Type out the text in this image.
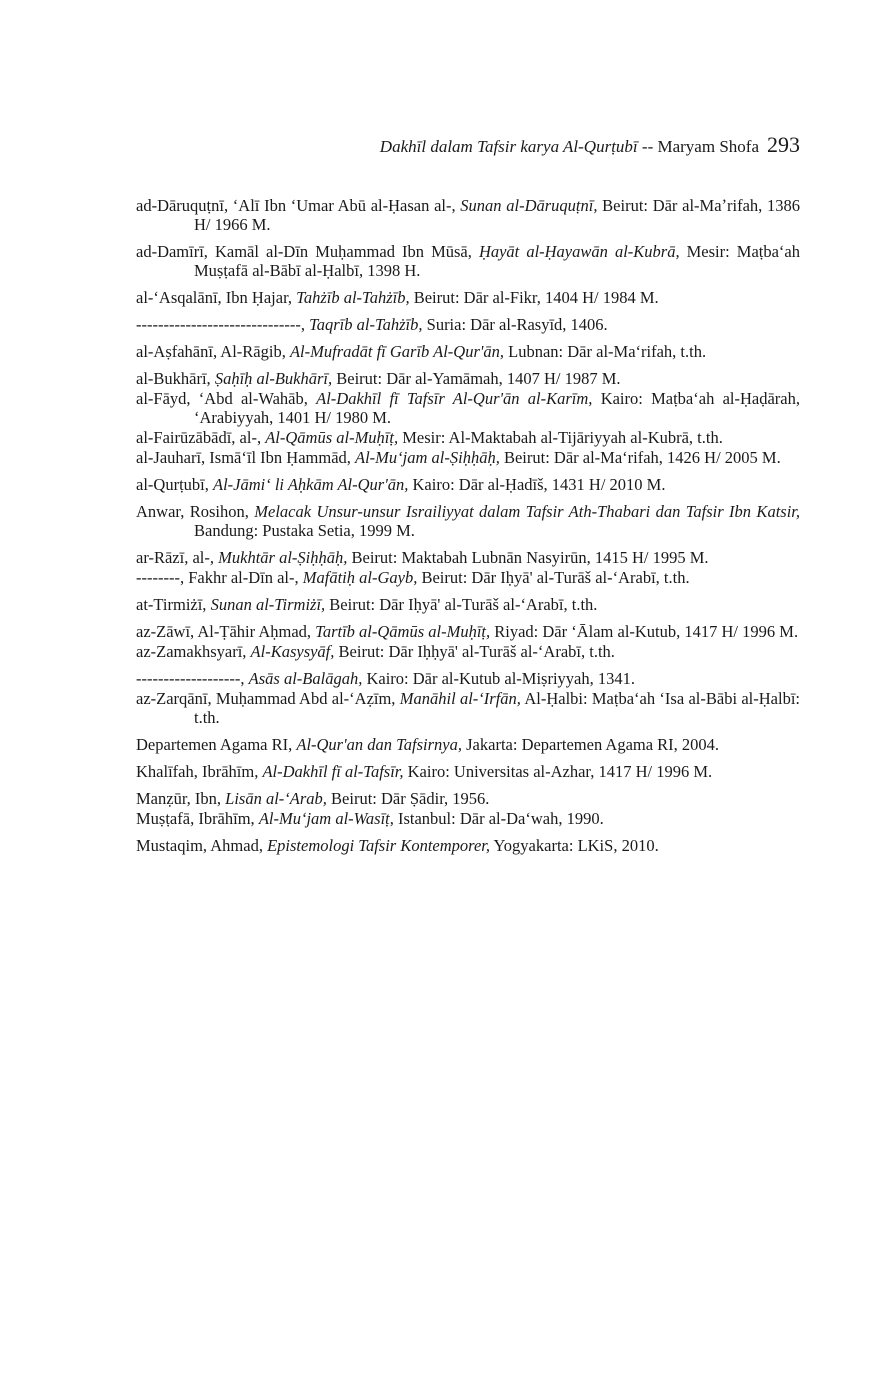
Dakhīl dalam Tafsir karya Al-Qurṭubī -- Maryam Shofa 293
ad-Dāruquṭnī, ʻAlī Ibn ʻUmar Abū al-Ḥasan al-, Sunan al-Dāruquṭnī, Beirut: Dār al-Maʼrifah, 1386 H/ 1966 M.
ad-Damīrī, Kamāl al-Dīn Muḥammad Ibn Mūsā, Ḥayāt al-Ḥayawān al-Kubrā, Mesir: Maṭbaʻah Muṣṭafā al-Bābī al-Ḥalbī, 1398 H.
al-ʻAsqalānī, Ibn Ḥajar, Tahżīb al-Tahżīb, Beirut: Dār al-Fikr, 1404 H/ 1984 M.
------------------------------, Taqrīb al-Tahżīb, Suria: Dār al-Rasyīd, 1406.
al-Aṣfahānī, Al-Rāgib, Al-Mufradāt fī Garīb Al-Qur'ān, Lubnan: Dār al-Maʻrifah, t.th.
al-Bukhārī, Ṣaḥīḥ al-Bukhārī, Beirut: Dār al-Yamāmah, 1407 H/ 1987 M.
al-Fāyd, ʻAbd al-Wahāb, Al-Dakhīl fī Tafsīr Al-Qur'ān al-Karīm, Kairo: Maṭbaʻah al-Ḥaḍārah, ʻArabiyyah, 1401 H/ 1980 M.
al-Fairūzābādī, al-, Al-Qāmūs al-Muḥīṭ, Mesir: Al-Maktabah al-Tijāriyyah al-Kubrā, t.th.
al-Jauharī, Ismāʻīl Ibn Ḥammād, Al-Muʻjam al-Ṣiḥḥāḥ, Beirut: Dār al-Maʻrifah, 1426 H/ 2005 M.
al-Qurṭubī, Al-Jāmiʻ li Aḥkām Al-Qur'ān, Kairo: Dār al-Ḥadīš, 1431 H/ 2010 M.
Anwar, Rosihon, Melacak Unsur-unsur Israiliyyat dalam Tafsir Ath-Thabari dan Tafsir Ibn Katsir, Bandung: Pustaka Setia, 1999 M.
ar-Rāzī, al-, Mukhtār al-Ṣiḥḥāḥ, Beirut: Maktabah Lubnān Nasyirūn, 1415 H/ 1995 M.
--------, Fakhr al-Dīn al-, Mafātiḥ al-Gayb, Beirut: Dār Iḥyā' al-Turāš al-ʻArabī, t.th.
at-Tirmiżī, Sunan al-Tirmiżī, Beirut: Dār Iḥyā' al-Turāš al-ʻArabī, t.th.
az-Zāwī, Al-Ṭāhir Aḥmad, Tartīb al-Qāmūs al-Muḥīṭ, Riyad: Dār ʻĀlam al-Kutub, 1417 H/ 1996 M.
az-Zamakhsyarī, Al-Kasysyāf, Beirut: Dār Iḥḥyā' al-Turāš al-ʻArabī, t.th.
-------------------, Asās al-Balāgah, Kairo: Dār al-Kutub al-Miṣriyyah, 1341.
az-Zarqānī, Muḥammad Abd al-ʻAẓīm, Manāhil al-ʻIrfān, Al-Ḥalbi: Maṭbaʻah ʻIsa al-Bābi al-Ḥalbī: t.th.
Departemen Agama RI, Al-Qur'an dan Tafsirnya, Jakarta: Departemen Agama RI, 2004.
Khalīfah, Ibrāhīm, Al-Dakhīl fī al-Tafsīr, Kairo: Universitas al-Azhar, 1417 H/ 1996 M.
Manẓūr, Ibn, Lisān al-ʻArab, Beirut: Dār Ṣādir, 1956.
Muṣṭafā, Ibrāhīm, Al-Muʻjam al-Wasīṭ, Istanbul: Dār al-Daʻwah, 1990.
Mustaqim, Ahmad, Epistemologi Tafsir Kontemporer, Yogyakarta: LKiS, 2010.
